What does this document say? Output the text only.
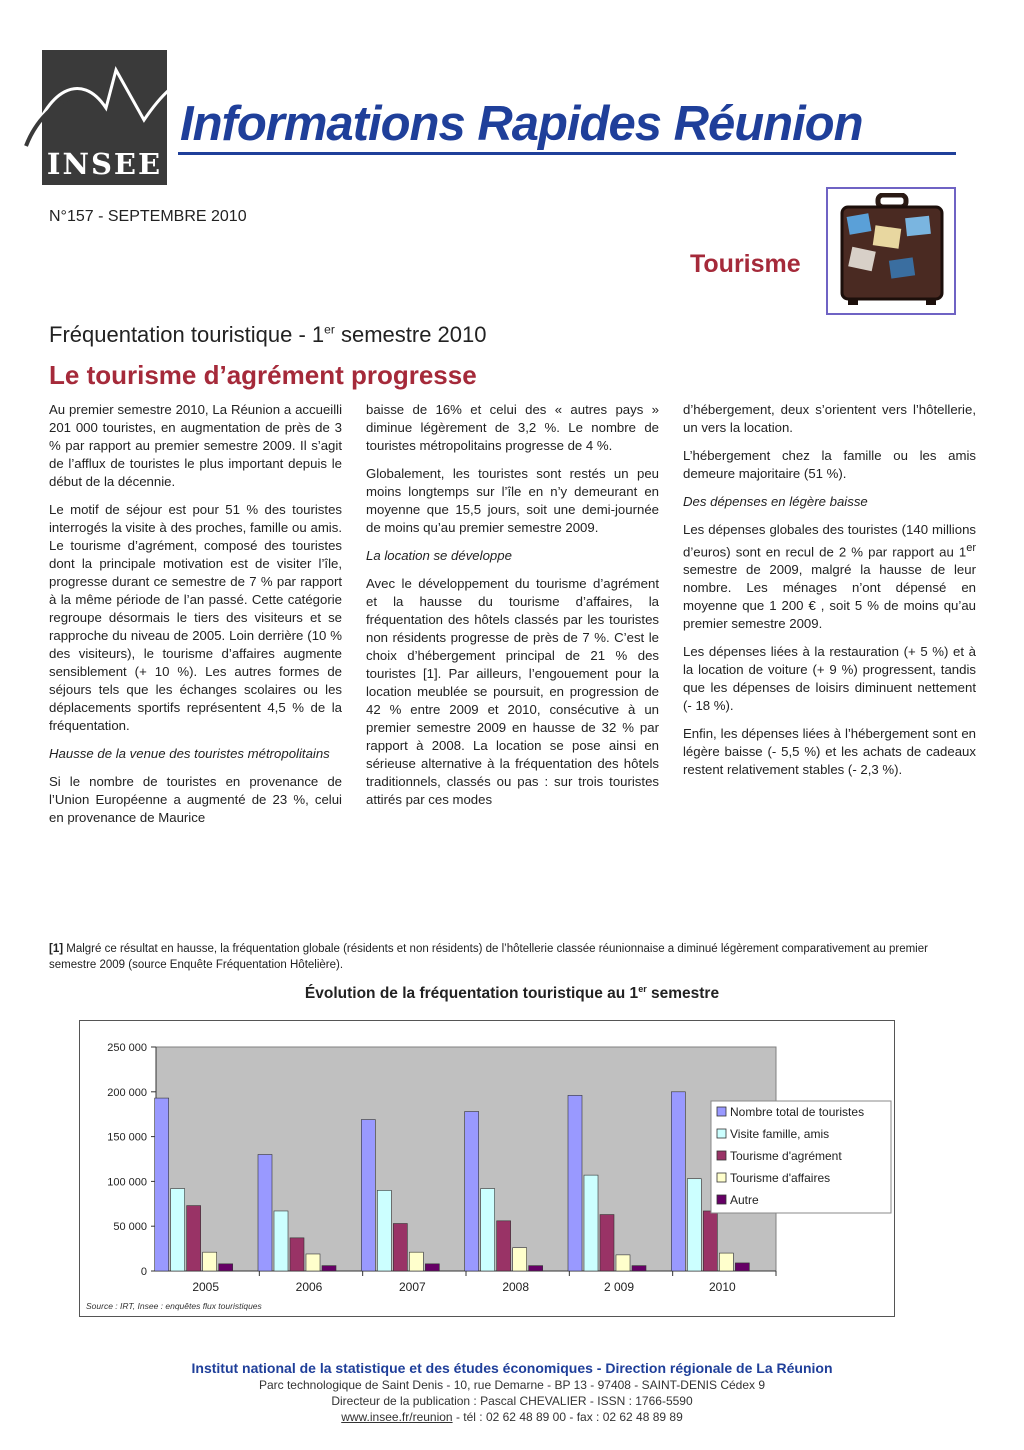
INSEE
Informations Rapides Réunion
N°157 - SEPTEMBRE 2010
Tourisme
Fréquentation touristique - 1er semestre 2010
Le tourisme d’agrément progresse

Au premier semestre 2010, La Réunion a accueilli 201 000 touristes, en augmentation de près de 3 % par rapport au premier semestre 2009. Il s’agit de l’afflux de touristes le plus important depuis le début de la décennie.

Le motif de séjour est pour 51 % des touristes interrogés la visite à des proches, famille ou amis. Le tourisme d’agrément, composé des touristes dont la principale motivation est de visiter l’île, progresse durant ce semestre de 7 % par rapport à la même période de l’an passé. Cette catégorie regroupe désormais le tiers des visiteurs et se rapproche du niveau de 2005. Loin derrière (10 % des visiteurs), le tourisme d’affaires augmente sensiblement (+ 10 %). Les autres formes de séjours tels que les échanges scolaires ou les déplacements sportifs représentent 4,5 % de la fréquentation.

Hausse de la venue des touristes métropolitains

Si le nombre de touristes en provenance de l’Union Européenne a augmenté de 23 %, celui en provenance de Maurice

baisse de 16% et celui des « autres pays » diminue légèrement de 3,2 %. Le nombre de touristes métropolitains progresse de 4 %.

Globalement, les touristes sont restés un peu moins longtemps sur l’île en n’y demeurant en moyenne que 15,5 jours, soit une demi-journée de moins qu’au premier semestre 2009.

La location se développe

Avec le développement du tourisme d’agrément et la hausse du tourisme d’affaires, la fréquentation des hôtels classés par les touristes non résidents progresse de près de 7 %. C’est le choix d’hébergement principal de 21 % des touristes [1]. Par ailleurs, l’engouement pour la location meublée se poursuit, en progression de 42 % entre 2009 et 2010, consécutive à un premier semestre 2009 en hausse de 32 % par rapport à 2008. La location se pose ainsi en sérieuse alternative à la fréquentation des hôtels traditionnels, classés ou pas : sur trois touristes attirés par ces modes

d’hébergement, deux s’orientent vers l’hôtellerie, un vers la location.

L’hébergement chez la famille ou les amis demeure majoritaire (51 %).

Des dépenses en légère baisse

Les dépenses globales des touristes (140 millions d’euros) sont en recul de 2 % par rapport au 1er semestre de 2009, malgré la hausse de leur nombre. Les ménages n’ont dépensé en moyenne que 1 200 € , soit 5 % de moins qu’au premier semestre 2009.

Les dépenses liées à la restauration (+ 5 %) et à la location de voiture (+ 9 %) progressent, tandis que les dépenses de loisirs diminuent nettement (- 18 %).

Enfin, les dépenses liées à l’hébergement sont en légère baisse (- 5,5 %) et les achats de cadeaux restent relativement stables (- 2,3 %).

[1] Malgré ce résultat en hausse, la fréquentation globale (résidents et non résidents) de l’hôtellerie classée réunionnaise a diminué légèrement comparativement au premier semestre 2009 (source Enquête Fréquentation Hôtelière).
Évolution de la fréquentation touristique au 1er semestre
0
50 000
100 000
150 000
200 000
250 000
2005	2006	2007	2008	2 009	2010
Nombre total de touristes
Visite famille, amis
Tourisme d'agrément
Tourisme d'affaires
Autre
Source : IRT, Insee : enquêtes flux touristiques
Institut national de la statistique et des études économiques - Direction régionale de La Réunion
Parc technologique de Saint Denis - 10, rue Demarne - BP 13 - 97408 - SAINT-DENIS Cédex 9
Directeur de la publication : Pascal CHEVALIER - ISSN : 1766-5590
www.insee.fr/reunion - tél : 02 62 48 89 00 - fax : 02 62 48 89 89
